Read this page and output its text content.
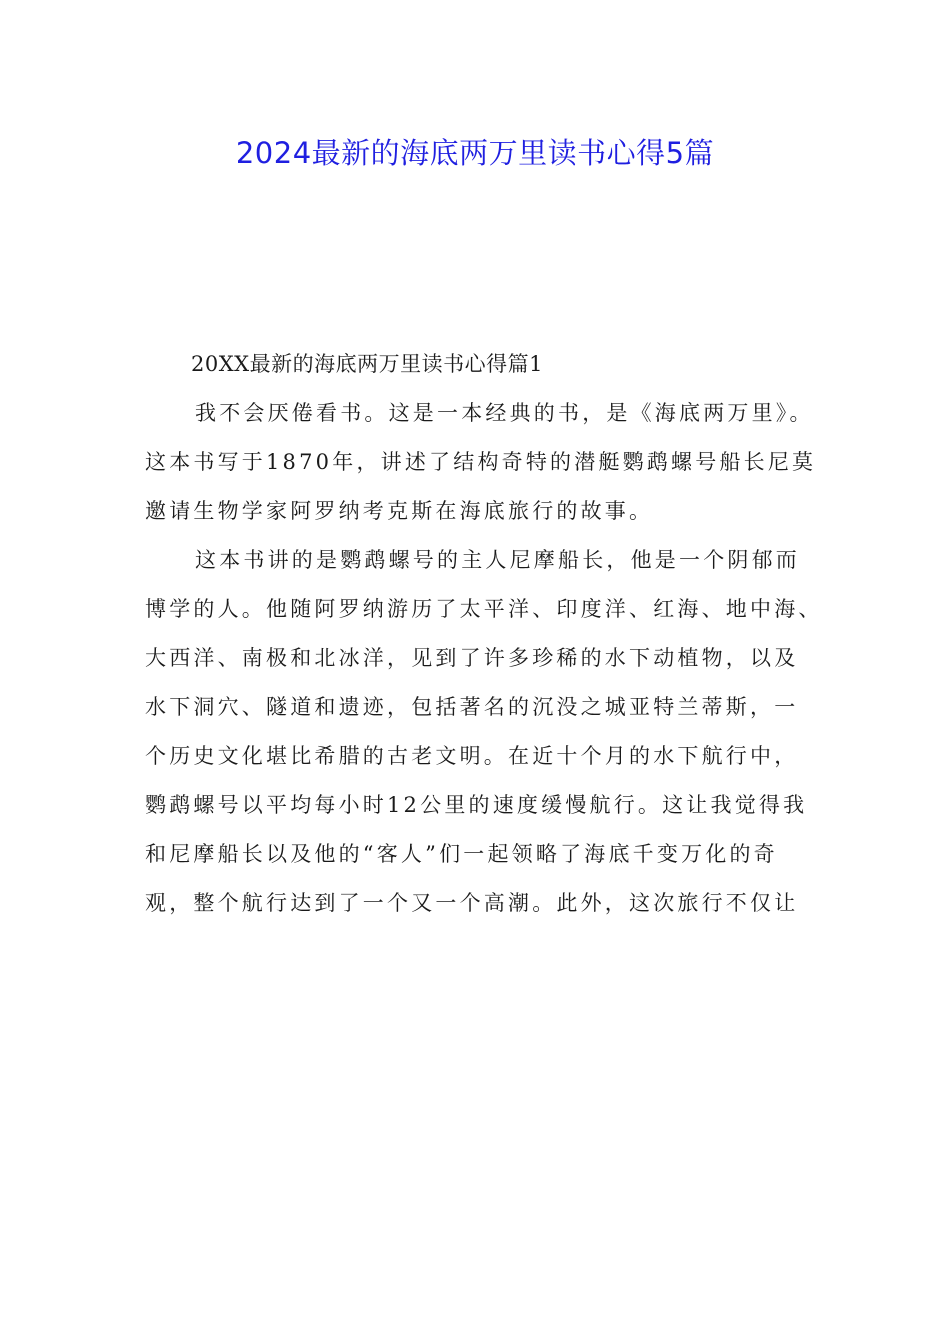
2024最新的海底两万里读书心得5篇

20XX最新的海底两万里读书心得篇1

我不会厌倦看书。这是一本经典的书，是《海底两万里》。

这本书写于1870年，讲述了结构奇特的潜艇鹦鹉螺号船长尼莫

邀请生物学家阿罗纳考克斯在海底旅行的故事。

这本书讲的是鹦鹉螺号的主人尼摩船长，他是一个阴郁而

博学的人。他随阿罗纳游历了太平洋、印度洋、红海、地中海、

大西洋、南极和北冰洋，见到了许多珍稀的水下动植物，以及

水下洞穴、隧道和遗迹，包括著名的沉没之城亚特兰蒂斯，一

个历史文化堪比希腊的古老文明。在近十个月的水下航行中，

鹦鹉螺号以平均每小时12公里的速度缓慢航行。这让我觉得我

和尼摩船长以及他的“客人”们一起领略了海底千变万化的奇

观，整个航行达到了一个又一个高潮。此外，这次旅行不仅让
